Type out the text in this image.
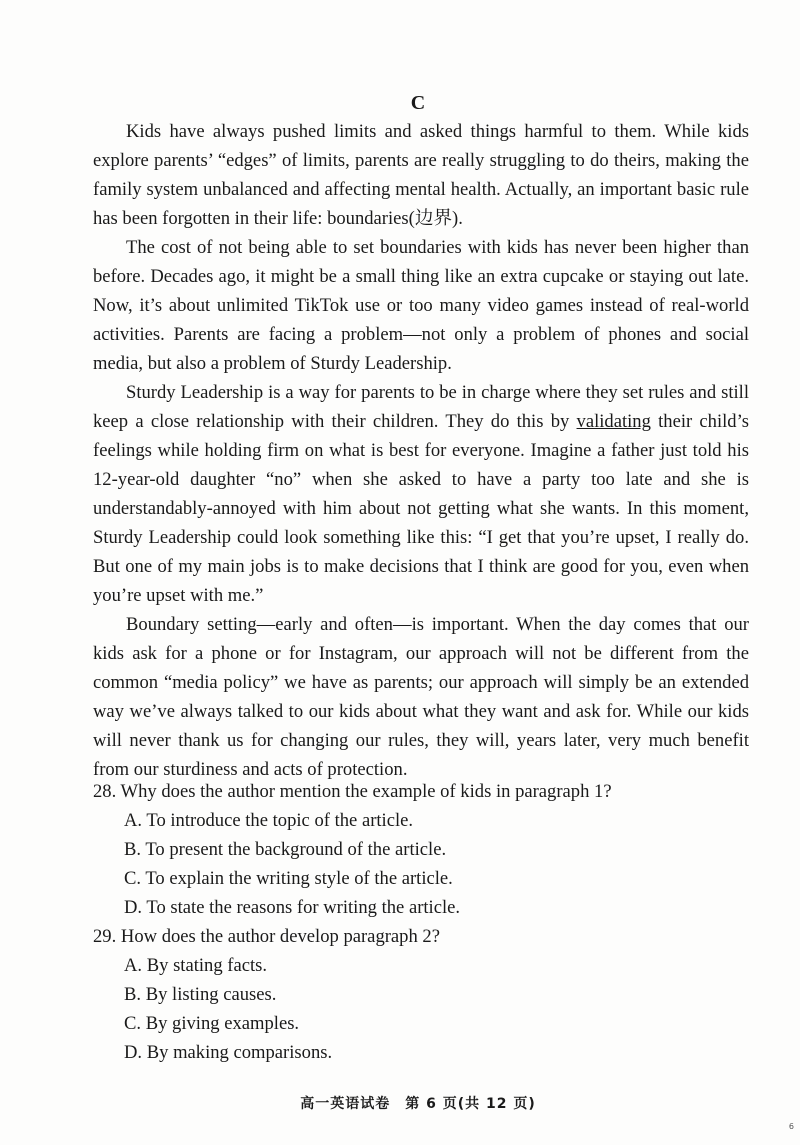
C

Kids have always pushed limits and asked things harmful to them. While kids explore parents’ “edges” of limits, parents are really struggling to do theirs, making the family system unbalanced and affecting mental health. Actually, an important basic rule has been forgotten in their life: boundaries(边界).

The cost of not being able to set boundaries with kids has never been higher than before. Decades ago, it might be a small thing like an extra cupcake or staying out late. Now, it’s about unlimited TikTok use or too many video games instead of real-world activities. Parents are facing a problem—not only a problem of phones and social media, but also a problem of Sturdy Leadership.

Sturdy Leadership is a way for parents to be in charge where they set rules and still keep a close relationship with their children. They do this by validating their child’s feelings while holding firm on what is best for everyone. Imagine a father just told his 12-year-old daughter “no” when she asked to have a party too late and she is understandably-annoyed with him about not getting what she wants. In this moment, Sturdy Leadership could look something like this: “I get that you’re upset, I really do. But one of my main jobs is to make decisions that I think are good for you, even when you’re upset with me.”

Boundary setting—early and often—is important. When the day comes that our kids ask for a phone or for Instagram, our approach will not be different from the common “media policy” we have as parents; our approach will simply be an extended way we’ve always talked to our kids about what they want and ask for. While our kids will never thank us for changing our rules, they will, years later, very much benefit from our sturdiness and acts of protection.

28. Why does the author mention the example of kids in paragraph 1?

A. To introduce the topic of the article.

B. To present the background of the article.

C. To explain the writing style of the article.

D. To state the reasons for writing the article.

29. How does the author develop paragraph 2?

A. By stating facts.

B. By listing causes.

C. By giving examples.

D. By making comparisons.

高一英语试卷　第 6 页(共 12 页)
6
